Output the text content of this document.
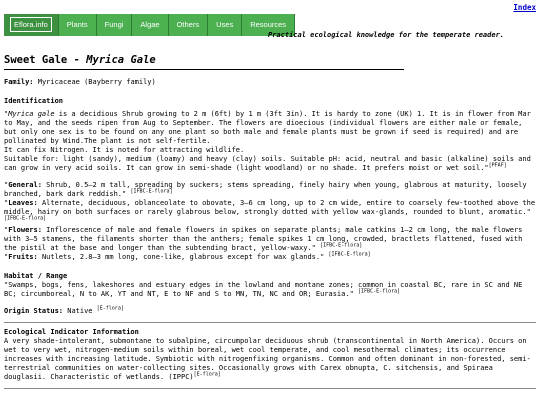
Index
Eflora.info	Plants	Fungi	Algae	Others	Uses	Resources
Practical ecological knowledge for the temperate reader.
Sweet Gale - Myrica Gale

Family: Myricaceae (Bayberry family)

Identification

"Myrica gale is a decidious Shrub growing to 2 m (6ft) by 1 m (3ft 3in). It is hardy to zone (UK) 1. It is in flower from Mar to May, and the seeds ripen from Aug to September. The flowers are dioecious (individual flowers are either male or female, but only one sex is to be found on any one plant so both male and female plants must be grown if seed is required) and are pollinated by Wind.The plant is not self-fertile.

It can fix Nitrogen. It is noted for attracting wildlife.

Suitable for: light (sandy), medium (loamy) and heavy (clay) soils. Suitable pH: acid, neutral and basic (alkaline) soils and can grow in very acid soils. It can grow in semi-shade (light woodland) or no shade. It prefers moist or wet soil."[PFAF]

"General: Shrub, 0.5–2 m tall, spreading by suckers; stems spreading, finely hairy when young, glabrous at maturity, loosely branched, bark dark reddish." [IFBC-E-flora]

"Leaves: Alternate, deciduous, oblanceolate to obovate, 3–6 cm long, up to 2 cm wide, entire to coarsely few-toothed above the middle, hairy on both surfaces or rarely glabrous below, strongly dotted with yellow wax-glands, rounded to blunt, aromatic." [IFBC-E-flora]

"Flowers: Inflorescence of male and female flowers in spikes on separate plants; male catkins 1–2 cm long, the male flowers with 3–5 stamens, the filaments shorter than the anthers; female spikes 1 cm long, crowded, bractlets flattened, fused with the pistil at the base and longer than the subtending bract, yellow-waxy." [IFBC-E-flora]

"Fruits: Nutlets, 2.8–3 mm long, cone-like, glabrous except for wax glands." [IFBC-E-flora]

Habitat / Range

"Swamps, bogs, fens, lakeshores and estuary edges in the lowland and montane zones; common in coastal BC, rare in SC and NE BC; circumboreal, N to AK, YT and NT, E to NF and S to MN, TN, NC and OR; Eurasia." [IFBC-E-flora]

Origin Status: Native [E-flora]

Ecological Indicator Information

A very shade-intolerant, submontane to subalpine, circumpolar deciduous shrub (transcontinental in North America). Occurs on wet to very wet, nitrogen-medium soils within boreal, wet cool temperate, and cool mesothermal climates; its occurrence increases with increasing latitude. Symbiotic with nitrogenfixing organisms. Common and often dominant in non-forested, semi-terrestrial communities on water-collecting sites. Occasionally grows with Carex obnupta, C. sitchensis, and Spiraea douglasii. Characteristic of wetlands. (IPPC)[E-flora]
